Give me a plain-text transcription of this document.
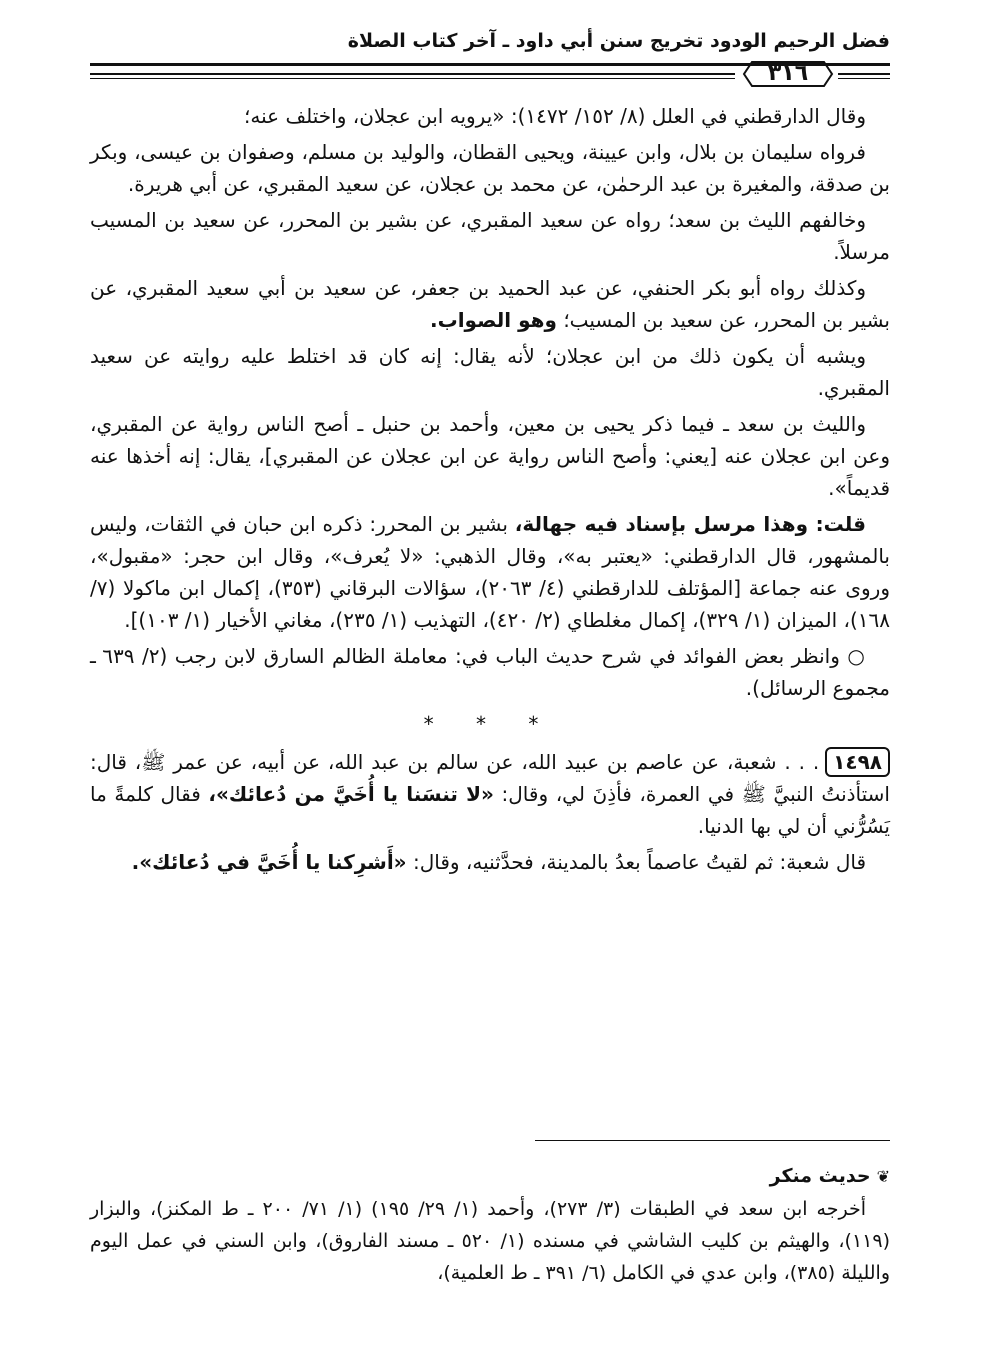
فضل الرحيم الودود تخريج سنن أبي داود ـ آخر كتاب الصلاة
٣١٦

وقال الدارقطني في العلل (٨/ ١٥٢/ ١٤٧٢): «يرويه ابن عجلان، واختلف عنه؛

فرواه سليمان بن بلال، وابن عيينة، ويحيى القطان، والوليد بن مسلم، وصفوان بن عيسى، وبكر بن صدقة، والمغيرة بن عبد الرحمٰن، عن محمد بن عجلان، عن سعيد المقبري، عن أبي هريرة.

وخالفهم الليث بن سعد؛ رواه عن سعيد المقبري، عن بشير بن المحرر، عن سعيد بن المسيب مرسلاً.

وكذلك رواه أبو بكر الحنفي، عن عبد الحميد بن جعفر، عن سعيد بن أبي سعيد المقبري، عن بشير بن المحرر، عن سعيد بن المسيب؛ وهو الصواب.

ويشبه أن يكون ذلك من ابن عجلان؛ لأنه يقال: إنه كان قد اختلط عليه روايته عن سعيد المقبري.

والليث بن سعد ـ فيما ذكر يحيى بن معين، وأحمد بن حنبل ـ أصح الناس رواية عن المقبري، وعن ابن عجلان عنه [يعني: وأصح الناس رواية عن ابن عجلان عن المقبري]، يقال: إنه أخذها عنه قديماً».

قلت: وهذا مرسل بإسناد فيه جهالة، بشير بن المحرر: ذكره ابن حبان في الثقات، وليس بالمشهور، قال الدارقطني: «يعتبر به»، وقال الذهبي: «لا يُعرف»، وقال ابن حجر: «مقبول»، وروى عنه جماعة [المؤتلف للدارقطني (٤/ ٢٠٦٣)، سؤالات البرقاني (٣٥٣)، إكمال ابن ماكولا (٧/ ١٦٨)، الميزان (١/ ٣٢٩)، إكمال مغلطاي (٢/ ٤٢٠)، التهذيب (١/ ٢٣٥)، مغاني الأخيار (١/ ١٠٣)].

○ وانظر بعض الفوائد في شرح حديث الباب في: معاملة الظالم السارق لابن رجب (٢/ ٦٣٩ ـ مجموع الرسائل).

* * *

١٤٩٨. . . شعبة، عن عاصم بن عبيد الله، عن سالم بن عبد الله، عن أبيه، عن عمر ﷺ، قال: استأذنتُ النبيَّ ﷺ في العمرة، فأذِنَ لي، وقال: «لا تنسَنا يا أُخَيَّ من دُعائك»، فقال كلمةً ما يَسُرُّني أن لي بها الدنيا.

قال شعبة: ثم لقيتُ عاصماً بعدُ بالمدينة، فحدَّثنيه، وقال: «أَشرِكنا يا أُخَيَّ في دُعائك».

❦حديث منكر

أخرجه ابن سعد في الطبقات (٣/ ٢٧٣)، وأحمد (١/ ٢٩/ ١٩٥) (١/ ٧١/ ٢٠٠ ـ ط المكنز)، والبزار (١١٩)، والهيثم بن كليب الشاشي في مسنده (١/ ٥٢٠ ـ مسند الفاروق)، وابن السني في عمل اليوم والليلة (٣٨٥)، وابن عدي في الكامل (٦/ ٣٩١ ـ ط العلمية)،
